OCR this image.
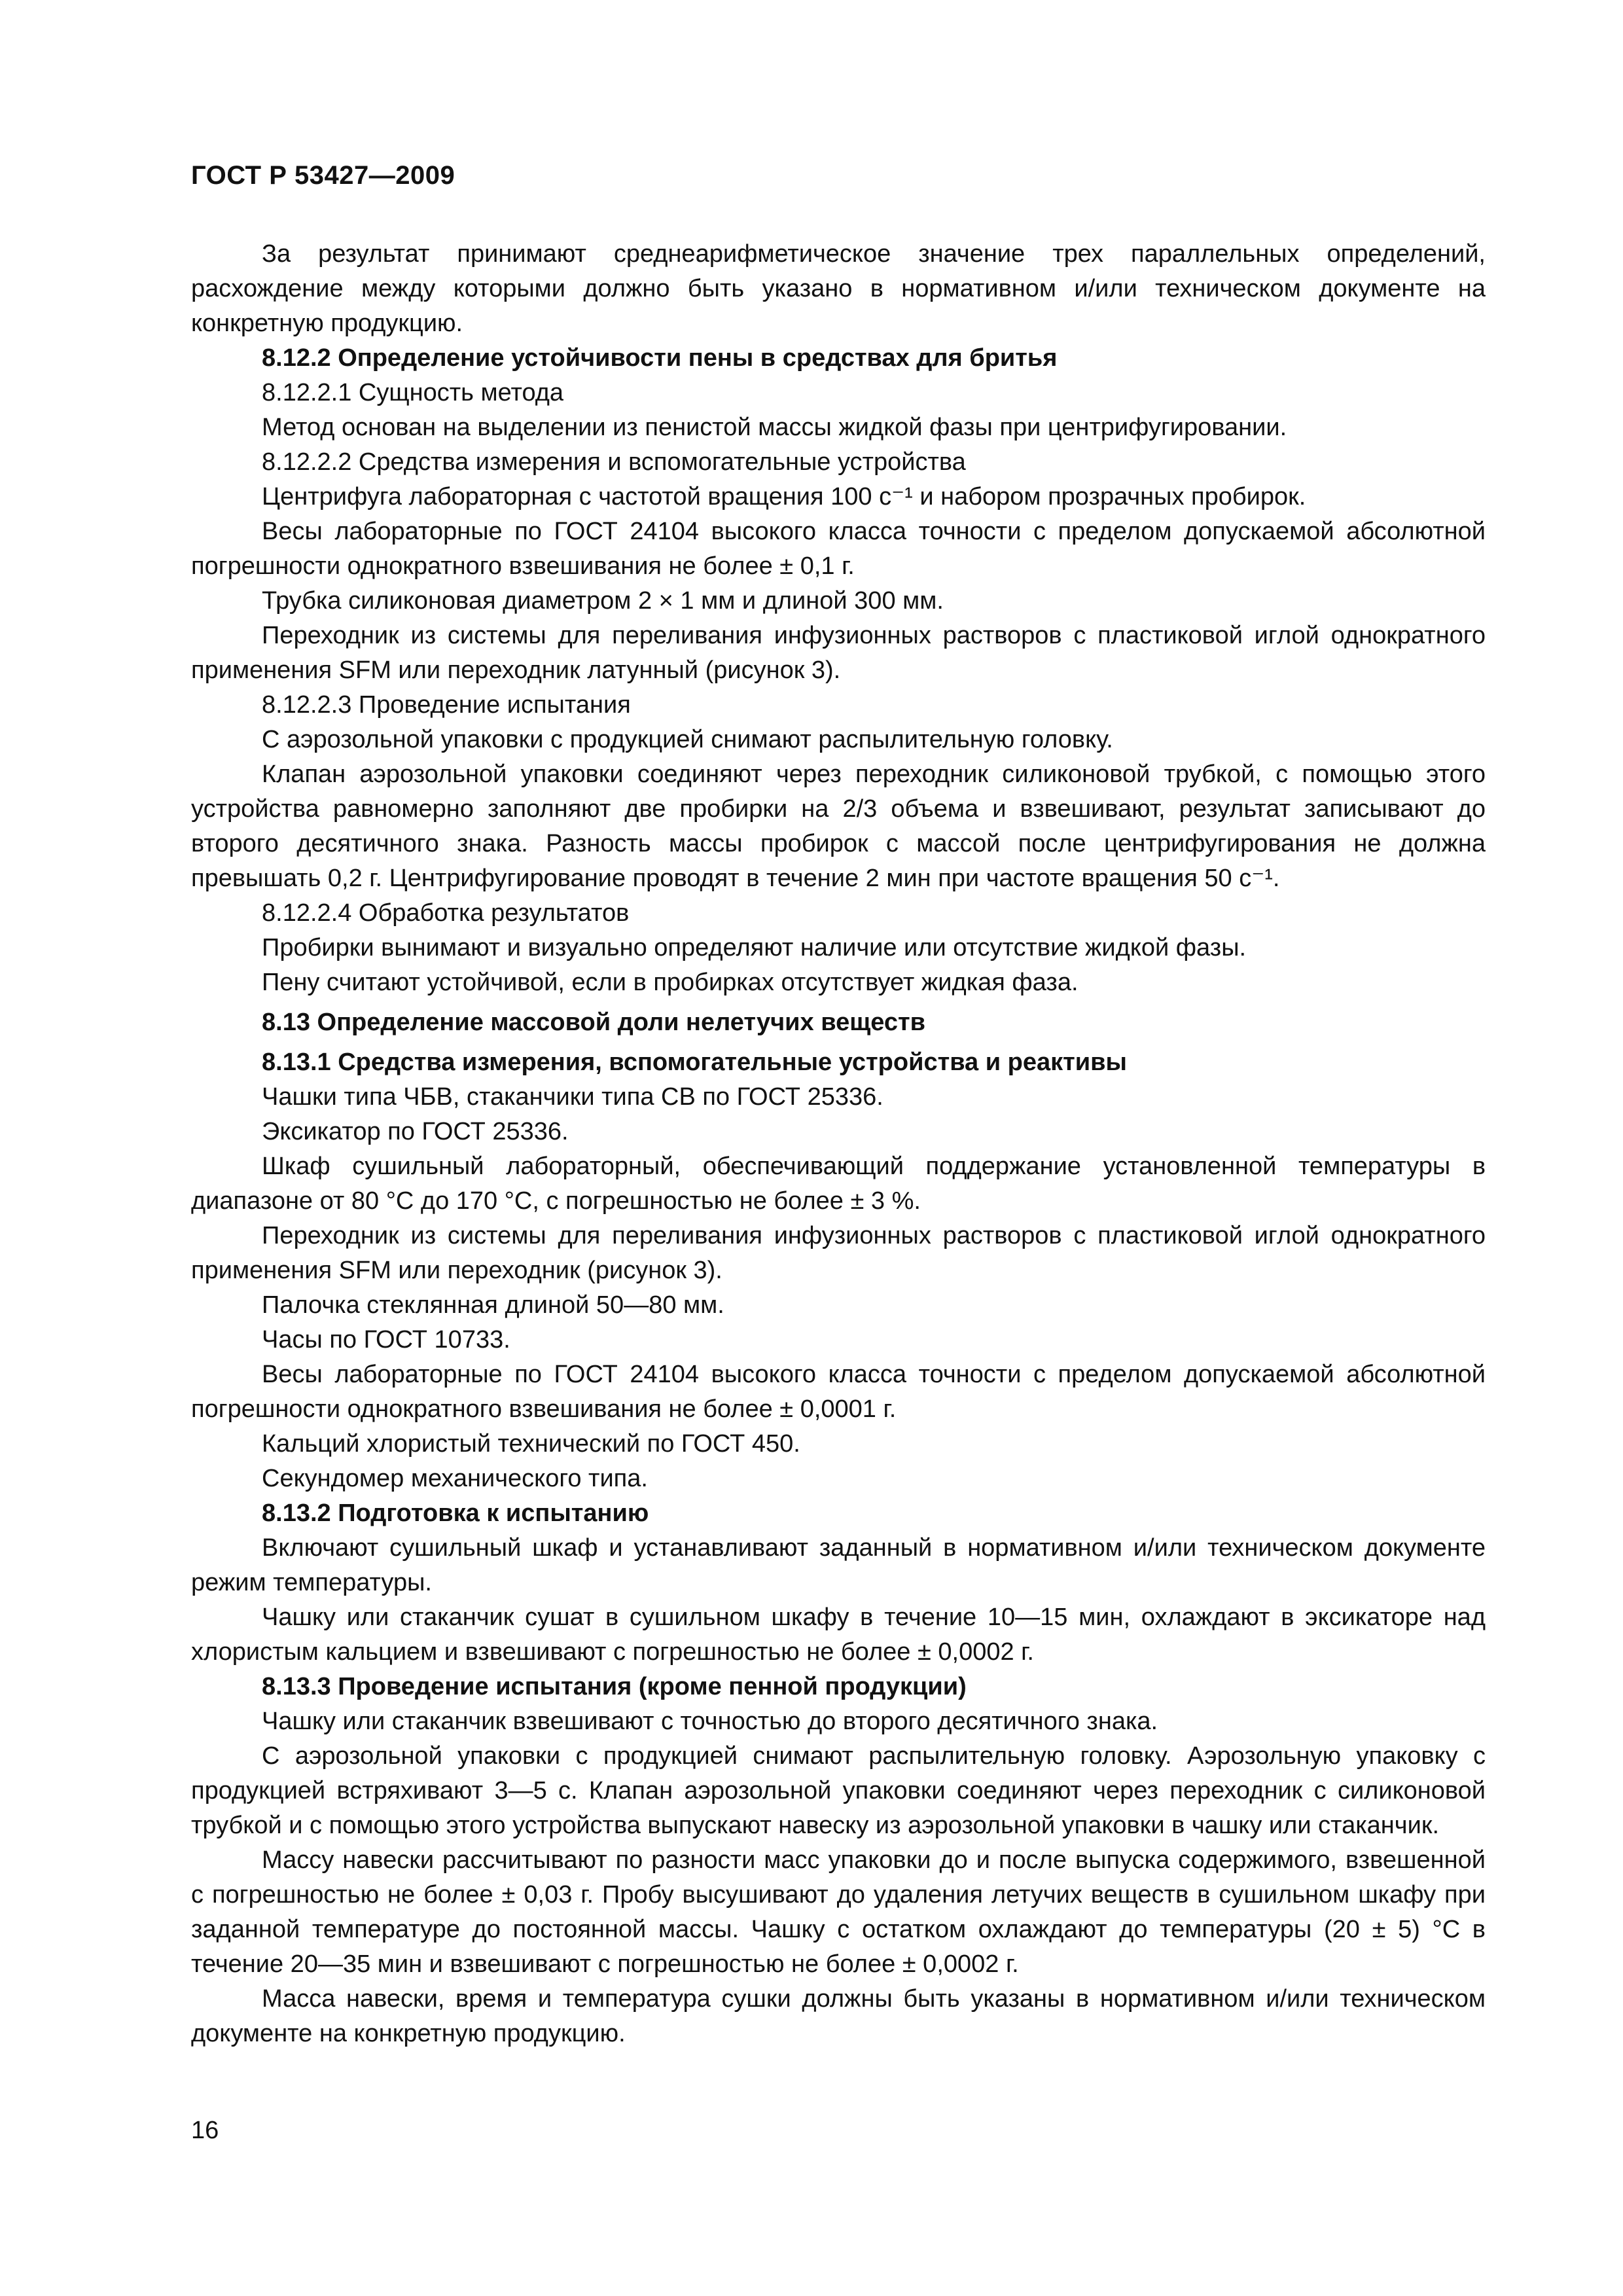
ГОСТ Р 53427—2009

За результат принимают среднеарифметическое значение трех параллельных определений, расхождение между которыми должно быть указано в нормативном и/или техническом документе на конкретную продукцию.

8.12.2 Определение устойчивости пены в средствах для бритья

8.12.2.1 Сущность метода

Метод основан на выделении из пенистой массы жидкой фазы при центрифугировании.

8.12.2.2 Средства измерения и вспомогательные устройства

Центрифуга лабораторная с частотой вращения 100 с⁻¹ и набором прозрачных пробирок.

Весы лабораторные по ГОСТ 24104 высокого класса точности с пределом допускаемой абсолютной погрешности однократного взвешивания не более ± 0,1 г.

Трубка силиконовая диаметром 2 × 1 мм и длиной 300 мм.

Переходник из системы для переливания инфузионных растворов с пластиковой иглой однократного применения SFM или переходник латунный (рисунок 3).

8.12.2.3 Проведение испытания

С аэрозольной упаковки с продукцией снимают распылительную головку.

Клапан аэрозольной упаковки соединяют через переходник силиконовой трубкой, с помощью этого устройства равномерно заполняют две пробирки на 2/3 объема и взвешивают, результат записывают до второго десятичного знака. Разность массы пробирок с массой после центрифугирования не должна превышать 0,2 г. Центрифугирование проводят в течение 2 мин при частоте вращения 50 с⁻¹.

8.12.2.4 Обработка результатов

Пробирки вынимают и визуально определяют наличие или отсутствие жидкой фазы.

Пену считают устойчивой, если в пробирках отсутствует жидкая фаза.

8.13 Определение массовой доли нелетучих веществ

8.13.1 Средства измерения, вспомогательные устройства и реактивы

Чашки типа ЧБВ, стаканчики типа СВ по ГОСТ 25336.

Эксикатор по ГОСТ 25336.

Шкаф сушильный лабораторный, обеспечивающий поддержание установленной температуры в диапазоне от 80 °С до 170 °С, с погрешностью не более ± 3 %.

Переходник из системы для переливания инфузионных растворов с пластиковой иглой однократного применения SFM или переходник (рисунок 3).

Палочка стеклянная длиной 50—80 мм.

Часы по ГОСТ 10733.

Весы лабораторные по ГОСТ 24104 высокого класса точности с пределом допускаемой абсолютной погрешности однократного взвешивания не более ± 0,0001 г.

Кальций хлористый технический по ГОСТ 450.

Секундомер механического типа.

8.13.2 Подготовка к испытанию

Включают сушильный шкаф и устанавливают заданный в нормативном и/или техническом документе режим температуры.

Чашку или стаканчик сушат в сушильном шкафу в течение 10—15 мин, охлаждают в эксикаторе над хлористым кальцием и взвешивают с погрешностью не более ± 0,0002 г.

8.13.3 Проведение испытания (кроме пенной продукции)

Чашку или стаканчик взвешивают с точностью до второго десятичного знака.

С аэрозольной упаковки с продукцией снимают распылительную головку. Аэрозольную упаковку с продукцией встряхивают 3—5 с. Клапан аэрозольной упаковки соединяют через переходник с силиконовой трубкой и с помощью этого устройства выпускают навеску из аэрозольной упаковки в чашку или стаканчик.

Массу навески рассчитывают по разности масс упаковки до и после выпуска содержимого, взвешенной с погрешностью не более ± 0,03 г. Пробу высушивают до удаления летучих веществ в сушильном шкафу при заданной температуре до постоянной массы. Чашку с остатком охлаждают до температуры (20 ± 5) °С в течение 20—35 мин и взвешивают с погрешностью не более ± 0,0002 г.

Масса навески, время и температура сушки должны быть указаны в нормативном и/или техническом документе на конкретную продукцию.

16
